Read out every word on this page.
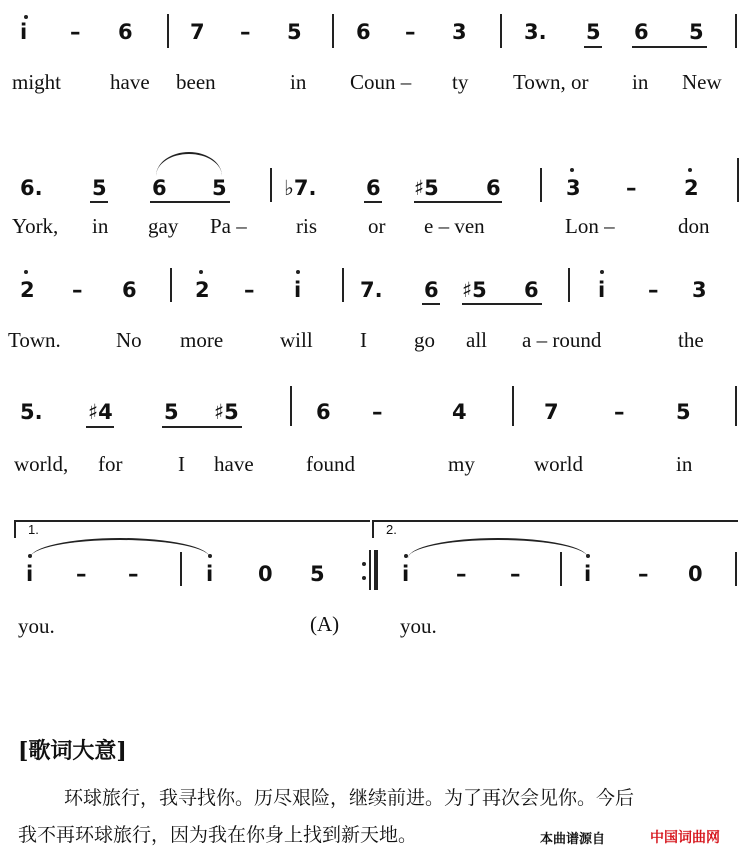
i – 6	7 – 5	6 – 3	3. 5 6 5
might have been	in Coun – ty Town, or in New
6. 5 6 5	♭7. 6 ♯5 6	3 – 2
York, in gay Pa – ris or e – ven	Lon –	don
2 – 6	2 – i	7. 6 ♯5 6	i – 3
Town.	No more	will I go all a – round	the
5. ♯4 5 ♯5	6 –	4	7	– 5
world, for	I have found	my	world	in
1.	2.
i – –	i 0 5	i – –	i – 0
you.	(A)	you.
[歌词大意]
环球旅行，我寻找你。历尽艰险，继续前进。为了再次会见你。今后
我不再环球旅行，因为我在你身上找到新天地。	本曲谱源自	中国词曲网
